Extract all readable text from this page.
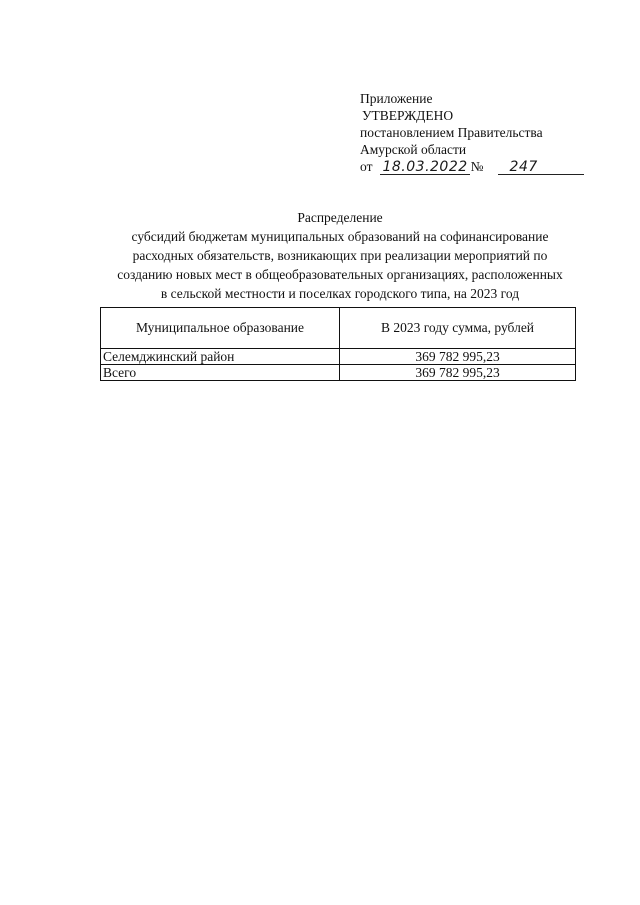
Приложение
УТВЕРЖДЕНО
постановлением Правительства
Амурской области
от 18.03.2022 №	247
Распределение
субсидий бюджетам муниципальных образований на софинансирование
расходных обязательств, возникающих при реализации мероприятий по
созданию новых мест в общеобразовательных организациях, расположенных
в сельской местности и поселках городского типа, на 2023 год
Муниципальное образование	В 2023 году сумма, рублей
Селемджинский район	369 782 995,23
Всего	369 782 995,23
